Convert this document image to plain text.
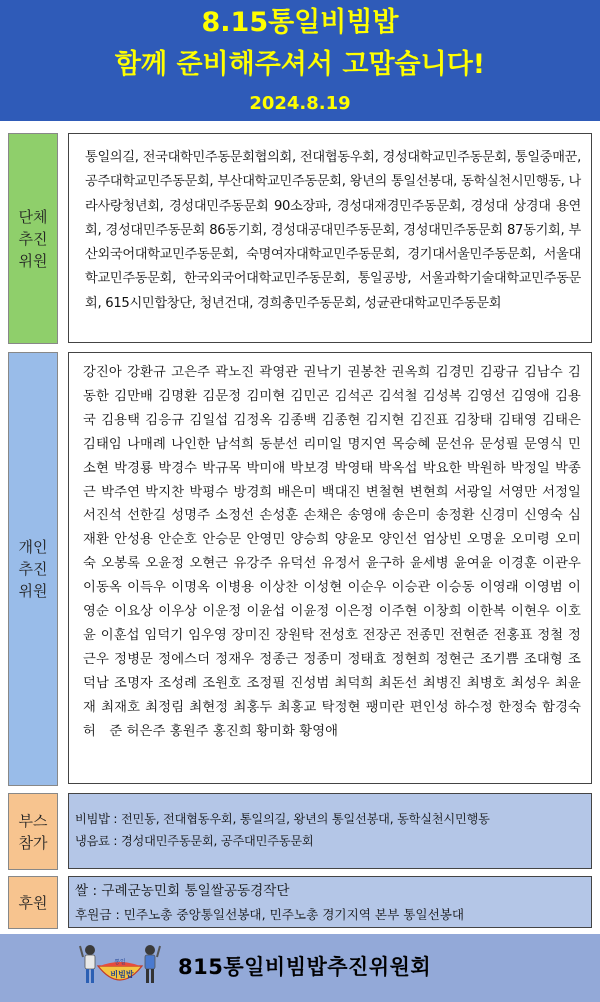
8.15통일비빔밥
함께 준비해주셔서 고맙습니다!
2024.8.19
단체
추진
위원
통일의길, 전국대학민주동문회협의회, 전대협동우회, 경성대학교민주동문회, 통일중매꾼, 공주대학교민주동문회, 부산대학교민주동문회, 왕년의 통일선봉대, 동학실천시민행동, 나라사랑청년회, 경성대민주동문회 90소장파, 경성대재경민주동문회, 경성대 상경대 용연회, 경성대민주동문회 86동기회, 경성대공대민주동문회, 경성대민주동문회 87동기회, 부산외국어대학교민주동문회, 숙명여자대학교민주동문회, 경기대서울민주동문회, 서울대학교민주동문회, 한국외국어대학교민주동문회, 통일공방, 서울과학기술대학교민주동문회, 615시민합창단, 청년건대, 경희총민주동문회, 성균관대학교민주동문회
개인
추진
위원
강진아 강환규 고은주 곽노진 곽영관 권낙기 권봉찬 권옥희 김경민 김광규 김남수 김동한 김만배 김명환 김문정 김미현 김민곤 김석곤 김석철 김성복 김영선 김영애 김용국 김용택 김응규 김일섭 김정옥 김종백 김종현 김지현 김진표 김창태 김태영 김태은 김태임 나매례 나인한 남석희 동분선 리미일 명지연 목승혜 문선유 문성필 문영식 민소현 박경룡 박경수 박규목 박미애 박보경 박영태 박옥섭 박요한 박원하 박정일 박종근 박주연 박지찬 박평수 방경희 배은미 백대진 변철현 변현희 서광일 서영만 서정일 서진석 선한길 성명주 소정선 손성훈 손채은 송영애 송은미 송정환 신경미 신영숙 심재환 안성용 안순호 안승문 안영민 양승희 양윤모 양인선 엄상빈 오명윤 오미령 오미숙 오봉록 오윤정 오현근 유강주 유덕선 유정서 윤구하 윤세병 윤여윤 이경훈 이관우 이동옥 이득우 이명옥 이병용 이상찬 이성현 이순우 이승관 이승동 이영래 이영범 이영순 이요상 이우상 이운정 이윤섭 이윤정 이은정 이주현 이창희 이한복 이현우 이호윤 이훈섭 임덕기 임우영 장미진 장원탁 전성호 전장곤 전종민 전현준 전홍표 정철 정근우 정병문 정에스더 정재우 정종근 정종미 정태효 정현희 정현근 조기쁨 조대형 조덕남 조명자 조성례 조원호 조정필 진성범 최덕희 최돈선 최병진 최병호 최성우 최윤재 최재호 최정림 최현정 최홍두 최홍교 탁정현 팽미란 편인성 하수정 한정숙 함경숙 허　준 허은주 홍원주 홍진희 황미화 황영애
부스
참가
비빔밥 : 전민동, 전대협동우회, 통일의길, 왕년의 통일선봉대, 동학실천시민행동
냉음료 : 경성대민주동문회, 공주대민주동문회
후원
쌀 : 구례군농민회 통일쌀공동경작단
후원금 : 민주노총 중앙통일선봉대, 민주노총 경기지역 본부 통일선봉대
통일
비빔밥 815통일비빔밥추진위원회
